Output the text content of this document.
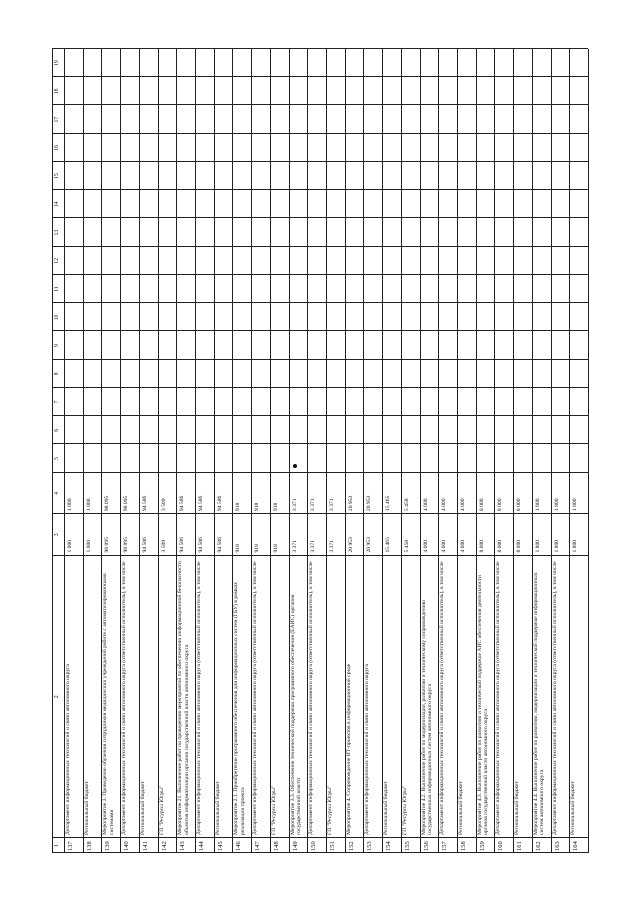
1
2
3
4
5
6
7
8
9
10
11
12
13
14
15
16
17
18
19
137
Департамент информационных технологий и связи автономного округа
1 000
1 000
138
Региональный бюджет
1 000
1 000
139
Мероприятие 3. Проведение обучения сотрудников медицинских учреждений работе с автоматизированными системами
98 095
98 095
140
Департамент информационных технологий и связи автономного округа (ответственный исполнитель), в том числе
98 095
98 095
141
Региональный бюджет
94 586
94 586
142
ГП "Ресурсы Югры"
3 509
3 509
143
Мероприятие 21. Выполнение работ по проведению мероприятий по обеспечению информационной безопасности объектов информатизации органов государственной власти автономного округа
94 586
94 586
144
Департамент информационных технологий и связи автономного округа (ответственный исполнитель), в том числе
94 586
94 586
145
Региональный бюджет
94 586
94 586
146
Мероприятие 2.1. Приобретение программного обеспечения для информационных систем (ГБУ) в рамках реализации проекта
918
918
147
Департамент информационных технологий и связи автономного округа (ответственный исполнитель), в том числе
918
918
148
ГП "Ресурсы Югры"
918
918
149
Мероприятие 3.3. Обеспечение технической поддержки программного обеспечения (ЕАИС) органов государственной власти
3 371
3 371
150
Департамент информационных технологий и связи автономного округа (ответственный исполнитель), в том числе
3 371
3 371
151
ГП "Ресурсы Югры"
3 371
3 371
152
Мероприятие 4. Сопровождение ИТ-проектов в информационной среде
20 953
20 953
153
Департамент информационных технологий и связи автономного округа
20 953
20 953
154
Региональный бюджет
15 465
15 465
155
ГП "Ресурсы Югры"
5 458
5 458
156
Мероприятие 4.2. Выполнение работ по модернизации, развитию и техническому сопровождению государственных информационных систем автономного округа
4 000
4 000
157
Департамент информационных технологий и связи автономного округа (ответственный исполнитель), в том числе
4 000
4 000
158
Региональный бюджет
4 000
4 000
159
Мероприятие 4.3. Выполнение работ по развитию и технической поддержке АИС обеспечения деятельности органов государственной власти автономного округа
8 000
8 000
160
Департамент информационных технологий и связи автономного округа (ответственный исполнитель), в том числе
8 000
8 000
161
Региональный бюджет
8 000
8 000
162
Мероприятие 4.4. Выполнение работ по развитию, модернизации и технической поддержке информационных систем автономного округа
1 800
1 800
163
Департамент информационных технологий и связи автономного округа (ответственный исполнитель), в том числе
1 800
1 800
164
Региональный бюджет
1 800
1 800
